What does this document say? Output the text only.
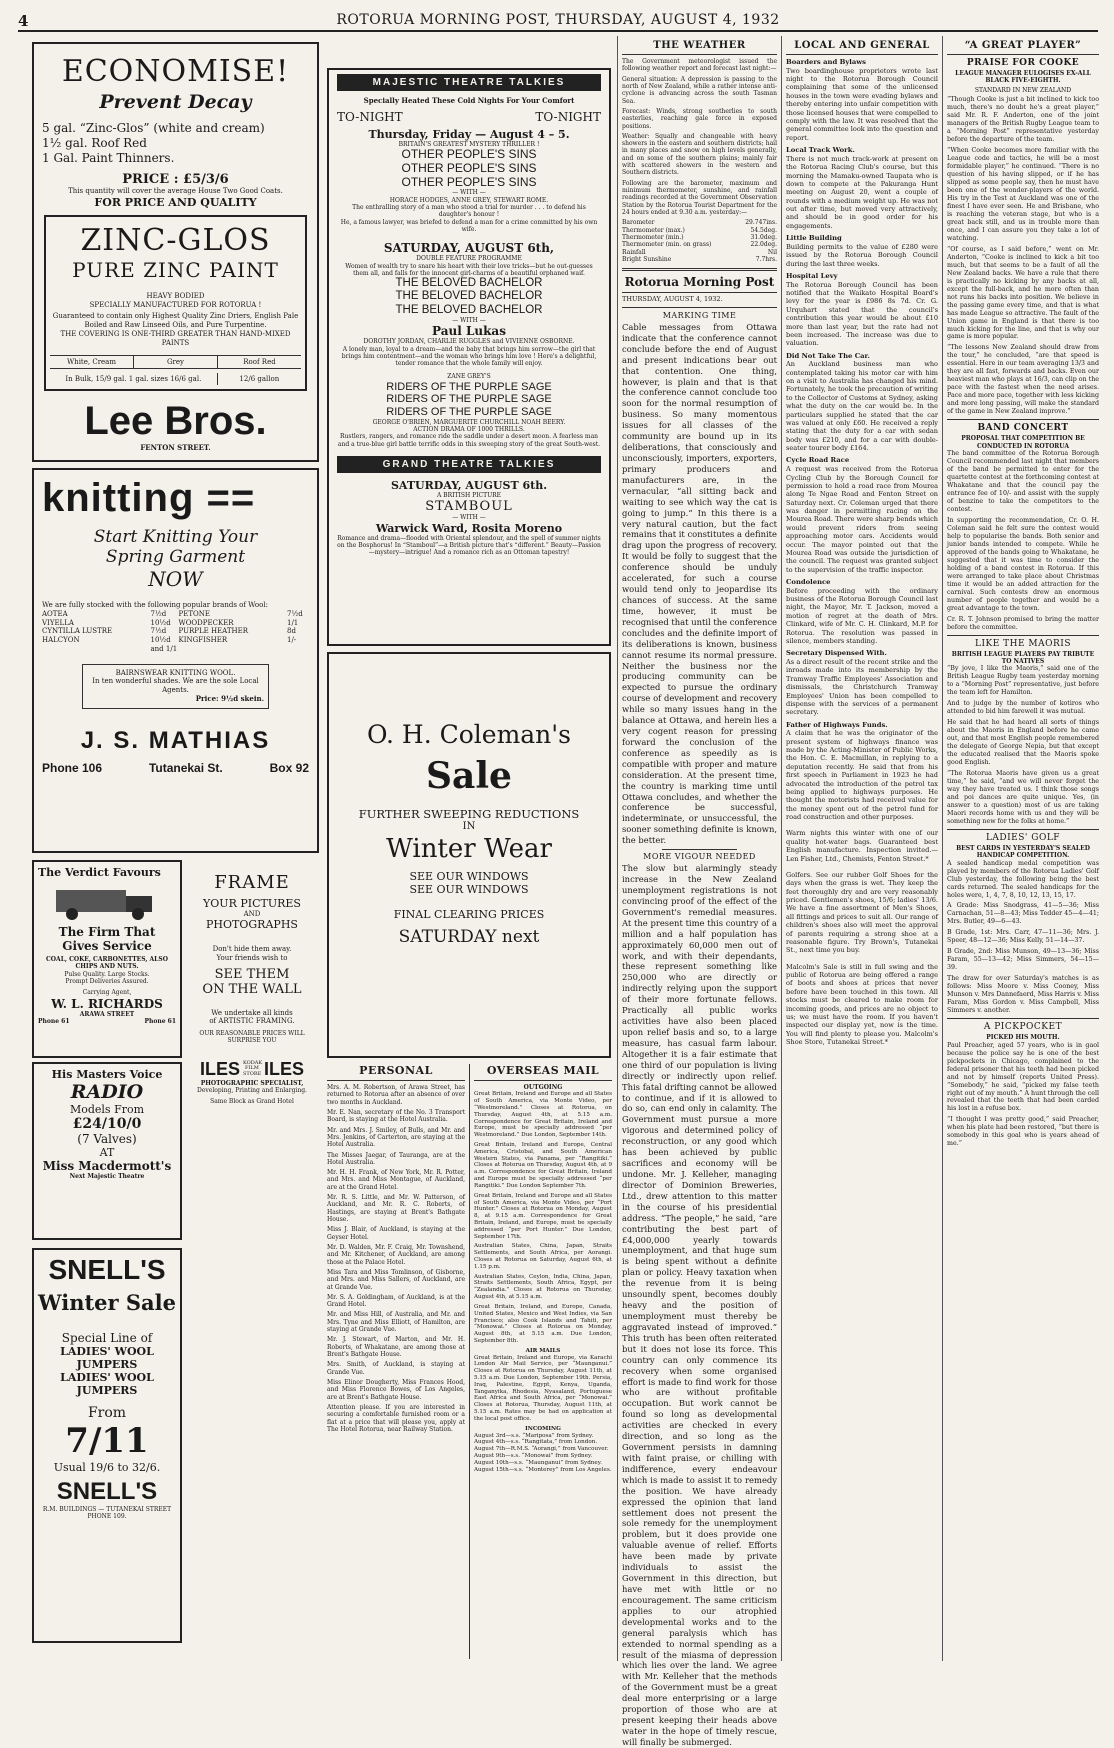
4	ROTORUA MORNING POST, THURSDAY, AUGUST 4, 1932
ECONOMISE!
Prevent Decay
5 gal. “Zinc-Glos” (white and cream)
1½ gal. Roof Red
1 Gal. Paint Thinners.
PRICE : £5/3/6
This quantity will cover the average House Two Good Coats.
FOR PRICE AND QUALITY
ZINC-GLOS
PURE ZINC PAINT
HEAVY BODIED
SPECIALLY MANUFACTURED FOR ROTORUA !
Guaranteed to contain only Highest Quality Zinc Driers, English Pale Boiled and Raw Linseed Oils, and Pure Turpentine.
THE COVERING IS ONE-THIRD GREATER THAN HAND-MIXED PAINTS
White, Cream	Grey	Roof Red
In Bulk, 15/9 gal. 1 gal. sizes 16/6 gal.	12/6 gallon
Lee Bros.
FENTON STREET.
knitting ==
Start Knitting Your
Spring Garment
NOW
We are fully stocked with the following popular brands of Wool:
AOTEA	7½d	PETONE	7½d
VIYELLA	10½d	WOODPECKER	1/1
CYNTILLA LUSTRE	7½d	PURPLE HEATHER	8d
HALCYON	10½d and 1/1
KINGFISHER	1/-
BAIRNSWEAR KNITTING WOOL.
In ten wonderful shades. We are the sole Local Agents.
Price: 9½d skein.
J. S. MATHIAS
Phone 106	Tutanekai St.	Box 92
The Verdict Favours
The Firm That
Gives Service
COAL, COKE, CARBONETTES, ALSO CHIPS AND NUTS.
Pulse Quality. Large Stocks.
Prompt Deliveries Assured.
Carrying Agent,
W. L. RICHARDS
ARAWA STREET
Phone 61	Phone 61
His Masters Voice
RADIO
Models From
£24/10/0
(7 Valves)
AT
Miss Macdermott's
Next Majestic Theatre
SNELL'S
Winter Sale
Special Line of
LADIES' WOOL JUMPERS
LADIES' WOOL JUMPERS
From
7/11
Usual 19/6 to 32/6.
SNELL'S
R.M. BUILDINGS — TUTANEKAI STREET
PHONE 109.
FRAME
YOUR PICTURES
AND
PHOTOGRAPHS
Don't hide them away.
Your friends wish to
SEE THEM
ON THE WALL
We undertake all kinds
of ARTISTIC FRAMING.
OUR REASONABLE PRICES WILL
SURPRISE YOU
ILES KODAK FILM STORE ILES
PHOTOGRAPHIC SPECIALIST,
Developing, Printing and Enlarging.
Same Block as Grand Hotel
MAJESTIC THEATRE TALKIES
Specially Heated These Cold Nights For Your Comfort
TO-NIGHT	TO-NIGHT
Thursday, Friday — August 4 – 5.
BRITAIN'S GREATEST MYSTERY THRILLER !
OTHER PEOPLE'S SINS
OTHER PEOPLE'S SINS
OTHER PEOPLE'S SINS
— WITH —
HORACE HODGES, ANNE GREY, STEWART ROME.
The enthralling story of a man who stood a trial for murder . . . to defend his daughter's honour !
He, a famous lawyer, was briefed to defend a man for a crime committed by his own wife.
SATURDAY, AUGUST 6th,
DOUBLE FEATURE PROGRAMME
Women of wealth try to snare his heart with their love tricks—but he out-guesses them all, and falls for the innocent girl-charms of a beautiful orphaned waif.
THE BELOVED BACHELOR
THE BELOVED BACHELOR
THE BELOVED BACHELOR
— WITH —
Paul Lukas
DOROTHY JORDAN, CHARLIE RUGGLES and VIVIENNE OSBORNE.
A lonely man, loyal to a dream—and the baby that brings him sorrow—the girl that brings him contentment—and the woman who brings him love ! Here's a delightful, tender romance that the whole family will enjoy.
ZANE GREY'S
RIDERS OF THE PURPLE SAGE
RIDERS OF THE PURPLE SAGE
RIDERS OF THE PURPLE SAGE
GEORGE O'BRIEN, MARGUERITE CHURCHILL NOAH BEERY.
ACTION DRAMA OF 1000 THRILLS.
Rustlers, rangers, and romance ride the saddle under a desert moon. A fearless man and a true-blue girl battle terrific odds in this sweeping story of the great South-west.
GRAND THEATRE TALKIES
SATURDAY, AUGUST 6th.
A BRITISH PICTURE
STAMBOUL
— WITH —
Warwick Ward, Rosita Moreno
Romance and drama—flooded with Oriental splendour, and the spell of summer nights on the Bosphorus! In “Stamboul”—a British picture that's “different.” Beauty—Passion—mystery—intrigue! And a romance rich as an Ottoman tapestry!
O. H. Coleman's
Sale
FURTHER SWEEPING REDUCTIONS
IN
Winter Wear
SEE OUR WINDOWS
SEE OUR WINDOWS
FINAL CLEARING PRICES
SATURDAY next
PERSONAL

Mrs. A. M. Robertson, of Arawa Street, has returned to Rotorua after an absence of over two months in Auckland.

Mr. E. Nan, secretary of the No. 3 Transport Board, is staying at the Hotel Australia.

Mr. and Mrs. J. Smiley, of Bulls, and Mr. and Mrs. Jenkins, of Carterton, are staying at the Hotel Australia.

The Misses Jaegar, of Tauranga, are at the Hotel Australia.

Mr. H. H. Frank, of New York, Mr. R. Potter, and Mrs. and Miss Montague, of Auckland, are at the Grand Hotel.

Mr. R. S. Little, and Mr. W. Patterson, of Auckland, and Mr. R. C. Roberts, of Hastings, are staying at Brent's Bathgate House.

Miss J. Blair, of Auckland, is staying at the Geyser Hotel.

Mr. D. Walden, Mr. F. Craig, Mr. Townshend, and Mr. Kitchener, of Auckland, are among those at the Palace Hotel.

Miss Tara and Miss Tomlinson, of Gisborne, and Mrs. and Miss Sallers, of Auckland, are at Grande Vue.

Mr. S. A. Goldingham, of Auckland, is at the Grand Hotel.

Mr. and Miss Hill, of Australia, and Mr. and Mrs. Tyne and Miss Elliott, of Hamilton, are staying at Grande Vue.

Mr. J. Stewart, of Marton, and Mr. H. Roberts, of Whakatane, are among those at Brent's Bathgate House.

Mrs. Smith, of Auckland, is staying at Grande Vue.

Miss Elinor Dougherty, Miss Frances Hood, and Miss Florence Bowes, of Los Angeles, are at Brent's Bathgate House.

Attention please. If you are interested in securing a comfortable furnished room or a flat at a price that will please you, apply at The Hotel Rotorua, near Railway Station.

OVERSEAS MAIL
OUTGOING

Great Britain, Ireland and Europe and all States of South America, via Monte Video, per “Westmoreland.” Closes at Rotorua, on Thursday, August 4th, at 5.15 a.m. Correspondence for Great Britain, Ireland and Europe, must be specially addressed “per Westmoreland.” Due London, September 14th.

Great Britain, Ireland and Europe, Central America, Cristobal, and South American Western States, via Panama, per “Rangitiki.” Closes at Rotorua on Thursday, August 4th, at 9 a.m. Correspondence for Great Britain, Ireland and Europe must be specially addressed “per Rangitiki.” Due London September 7th.

Great Britain, Ireland and Europe and all States of South America, via Monte Video, per “Port Hunter.” Closes at Rotorua on Monday, August 8, at 9.15 a.m. Correspondence for Great Britain, Ireland, and Europe, must be specially addressed “per Port Hunter.” Due London, September 17th.

Australian States, China, Japan, Straits Settlements, and South Africa, per Aorangi. Closes at Rotorua on Saturday, August 6th, at 1.15 p.m.

Australian States, Ceylon, India, China, Japan, Straits Settlements, South Africa, Egypt, per “Zealandia.” Closes at Rotorua on Thursday, August 4th, at 5.15 a.m.

Great Britain, Ireland, and Europe, Canada, United States, Mexico and West Indies, via San Francisco; also Cook Islands and Tahiti, per “Monowai.” Closes at Rotorua on Monday, August 8th, at 5.15 a.m. Due London, September 8th.

AIR MAILS

Great Britain, Ireland and Europe, via Karachi London Air Mail Service, per “Maunganui.” Closes at Rotorua on Thursday, August 11th, at 5.15 a.m. Due London, September 19th. Persia, Iraq, Palestine, Egypt, Kenya, Uganda, Tanganyika, Rhodesia, Nyasaland, Portuguese East Africa and South Africa, per “Monowai.” Closes at Rotorua, Thursday, August 11th, at 5.15 a.m. Rates may be had on application at the local post office.

INCOMING
August 3rd—s.s. “Mariposa” from Sydney.
August 4th—s.s. “Rangitata,” from London.
August 7th—R.M.S. “Aorangi,” from Vancouver.
August 9th—s.s. “Monowai” from Sydney.
August 10th—s.s. “Maunganui” from Sydney.
August 15th—s.s. “Monterey” from Los Angeles.
THE WEATHER

The Government meteorologist issued the following weather report and forecast last night:—

General situation: A depression is passing to the north of New Zealand, while a rather intense anti-cyclone is advancing across the south Tasman Sea.

Forecast: Winds, strong southerlies to south easterlies, reaching gale force in exposed positions.

Weather: Squally and changeable with heavy showers in the eastern and southern districts; hail in many places and snow on high levels generally, and on some of the southern plains; mainly fair with scattered showers in the western and Southern districts.

Following are the barometer, maximum and minimum thermometer, sunshine, and rainfall readings recorded at the Government Observation Station by the Rotorua Tourist Department for the 24 hours ended at 9.30 a.m. yesterday:—

Barometer	29.747ins.
Thermometer (max.)	54.5deg.
Thermometer (min.)	31.0deg.
Thermometer (min. on grass)	22.0deg.
Rainfall	Nil
Bright Sunshine	7.7hrs.
Rotorua Morning Post
THURSDAY, AUGUST 4, 1932.
MARKING TIME

Cable messages from Ottawa indicate that the conference cannot conclude before the end of August and present indications bear out that contention. One thing, however, is plain and that is that the conference cannot conclude too soon for the normal resumption of business. So many momentous issues for all classes of the community are bound up in its deliberations, that consciously and unconsciously, importers, exporters, primary producers and manufacturers are, in the vernacular, “all sitting back and waiting to see which way the cat is going to jump.” In this there is a very natural caution, but the fact remains that it constitutes a definite drag upon the progress of recovery. It would be folly to suggest that the conference should be unduly accelerated, for such a course would tend only to jeopardise its chances of success. At the same time, however, it must be recognised that until the conference concludes and the definite import of its deliberations is known, business cannot resume its normal pressure. Neither the business nor the producing community can be expected to pursue the ordinary course of development and recovery while so many issues hang in the balance at Ottawa, and herein lies a very cogent reason for pressing forward the conclusion of the conference as speedily as is compatible with proper and mature consideration. At the present time, the country is marking time until Ottawa concludes, and whether the conference be successful, indeterminate, or unsuccessful, the sooner something definite is known, the better.

MORE VIGOUR NEEDED

The slow but alarmingly steady increase in the New Zealand unemployment registrations is not convincing proof of the effect of the Government's remedial measures. At the present time this country of a million and a half population has approximately 60,000 men out of work, and with their dependants, these represent something like 250,000 who are directly or indirectly relying upon the support of their more fortunate fellows. Practically all public works activities have also been placed upon relief basis and so, to a large measure, has casual farm labour. Altogether it is a fair estimate that one third of our population is living directly or indirectly upon relief. This fatal drifting cannot be allowed to continue, and if it is allowed to do so, can end only in calamity. The Government must pursue a more vigorous and determined policy of reconstruction, or any good which has been achieved by public sacrifices and economy will be undone. Mr. J. Kelleher, managing director of Dominion Breweries, Ltd., drew attention to this matter in the course of his presidential address. “The people,” he said, “are contributing the best part of £4,000,000 yearly towards unemployment, and that huge sum is being spent without a definite plan or policy. Heavy taxation when the revenue from it is being unsoundly spent, becomes doubly heavy and the position of unemployment must thereby be aggravated instead of improved.” This truth has been often reiterated but it does not lose its force. This country can only commence its recovery when some organised effort is made to find work for those who are without profitable occupation. But work cannot be found so long as developmental activities are checked in every direction, and so long as the Government persists in damning with faint praise, or chilling with indifference, every endeavour which is made to assist it to remedy the position. We have already expressed the opinion that land settlement does not present the sole remedy for the unemployment problem, but it does provide one valuable avenue of relief. Efforts have been made by private individuals to assist the Government in this direction, but have met with little or no encouragement. The same criticism applies to our atrophied developmental works and to the general paralysis which has extended to normal spending as a result of the miasma of depression which lies over the land. We agree with Mr. Kelleher that the methods of the Government must be a great deal more enterprising or a large proportion of those who are at present keeping their heads above water in the hope of timely rescue, will finally be submerged.

LOCAL AND GENERAL
Boarders and Bylaws

Two boardinghouse proprietors wrote last night to the Rotorua Borough Council complaining that some of the unlicensed houses in the town were evading bylaws and thereby entering into unfair competition with those licensed houses that were compelled to comply with the law. It was resolved that the general committee look into the question and report.

Local Track Work.

There is not much track-work at present on the Rotorua Racing Club's course, but this morning the Mamaku-owned Taupata who is down to compete at the Pakuranga Hunt meeting on August 20, went a couple of rounds with a medium weight up. He was not out after time, but moved very attractively, and should be in good order for his engagements.

Little Building

Building permits to the value of £280 were issued by the Rotorua Borough Council during the last three weeks.

Hospital Levy

The Rotorua Borough Council has been notified that the Waikato Hospital Board's levy for the year is £986 8s 7d. Cr. G. Urquhart stated that the council's contribution this year would be about £10 more than last year, but the rate had not been increased. The increase was due to valuation.

Did Not Take The Car.

An Auckland business man who contemplated taking his motor car with him on a visit to Australia has changed his mind. Fortunately, he took the precaution of writing to the Collector of Customs at Sydney, asking what the duty on the car would be. In the particulars supplied he stated that the car was valued at only £60. He received a reply stating that the duty for a car with sedan body was £210, and for a car with double-seater tourer body £164.

Cycle Road Race

A request was received from the Rotorua Cycling Club by the Borough Council for permission to hold a road race from Mourea along Te Ngae Road and Fenton Street on Saturday next. Cr. Coleman urged that there was danger in permitting racing on the Mourea Road. There were sharp bends which would prevent riders from seeing approaching motor cars. Accidents would occur. The mayor pointed out that the Mourea Road was outside the jurisdiction of the council. The request was granted subject to the supervision of the traffic inspector.

Condolence

Before proceeding with the ordinary business of the Rotorua Borough Council last night, the Mayor, Mr. T. Jackson, moved a motion of regret at the death of Mrs. Clinkard, wife of Mr. C. H. Clinkard, M.P. for Rotorua. The resolution was passed in silence, members standing.

Secretary Dispensed With.

As a direct result of the recent strike and the inroads made into its membership by the Tramway Traffic Employees' Association and dismissals, the Christchurch Tramway Employees' Union has been compelled to dispense with the services of a permanent secretary.

Father of Highways Funds.

A claim that he was the originator of the present system of highways finance was made by the Acting-Minister of Public Works, the Hon. C. E. Macmillan, in replying to a deputation recently. He said that from his first speech in Parliament in 1923 he had advocated the introduction of the petrol tax being applied to highways purposes. He thought the motorists had received value for the money spent out of the petrol fund for road construction and other purposes.

Warm nights this winter with one of our quality hot-water bags. Guaranteed best English manufacture. Inspection invited.—Len Fisher, Ltd., Chemists, Fenton Street.*

Golfers. See our rubber Golf Shoes for the days when the grass is wet. They keep the feet thoroughly dry and are very reasonably priced. Gentlemen's shoes, 15/6; ladies' 13/6. We have a fine assortment of Men's Shoes, all fittings and prices to suit all. Our range of children's shoes also will meet the approval of parents requiring a strong shoe at a reasonable figure. Try Brown's, Tutanekai St., next time you buy.

Malcolm's Sale is still in full swing and the public of Rotorua are being offered a range of boots and shoes at prices that never before have been touched in this town. All stocks must be cleared to make room for incoming goods, and prices are no object to us; we must have the room. If you haven't inspected our display yet, now is the time. You will find plenty to please you. Malcolm's Shoe Store, Tutanekai Street.*

“A GREAT PLAYER”
PRAISE FOR COOKE
LEAGUE MANAGER EULOGISES EX-ALL BLACK FIVE-EIGHTH.
STANDARD IN NEW ZEALAND

“Though Cooke is just a bit inclined to kick too much, there's no doubt he's a great player,” said Mr. R. F. Anderton, one of the joint managers of the British Rugby League team to a “Morning Post” representative yesterday before the departure of the team.

“When Cooke becomes more familiar with the League code and tactics, he will be a most formidable player,” he continued. “There is no question of his having slipped, or if he has slipped as some people say, then he must have been one of the wonder-players of the world. His try in the Test at Auckland was one of the finest I have ever seen. He and Brisbane, who is reaching the veteran stage, but who is a great back still, and us in trouble more than once, and I can assure you they take a lot of watching.

“Of course, as I said before,” went on Mr. Anderton, “Cooke is inclined to kick a bit too much, but that seems to be a fault of all the New Zealand backs. We have a rule that there is practically no kicking by any backs at all, except the full-back, and he more often than not runs his backs into position. We believe in the passing game every time, and that is what has made League so attractive. The fault of the Union game in England is that there is too much kicking for the line, and that is why our game is more popular.

“The lessons New Zealand should draw from the tour,” he concluded, “are that speed is essential. Here in our team averaging 13/3 and they are all fast, forwards and backs. Even our heaviest man who plays at 16/3, can clip on the pace with the fastest when the need arises. Pace and more pace, together with less kicking and more long passing, will make the standard of the game in New Zealand improve.”

BAND CONCERT
PROPOSAL THAT COMPETITION BE CONDUCTED IN ROTORUA

The band committee of the Rotorua Borough Council recommended last night that members of the band be permitted to enter for the quartette contest at the forthcoming contest at Whakatane and that the council pay the entrance fee of 10/- and assist with the supply of benzine to take the competitors to the contest.

In supporting the recommendation, Cr. O. H. Coleman said he felt sure the contest would help to popularise the bands. Both senior and junior bands intended to compete. While he approved of the bands going to Whakatane, he suggested that it was time to consider the holding of a band contest in Rotorua. If this were arranged to take place about Christmas time it would be an added attraction for the carnival. Such contests drew an enormous number of people together and would be a great advantage to the town.

Cr. R. T. Johnson promised to bring the matter before the committee.

LIKE THE MAORIS
BRITISH LEAGUE PLAYERS PAY TRIBUTE TO NATIVES

“By jove, I like the Maoris,” said one of the British League Rugby team yesterday morning to a “Morning Post” representative, just before the team left for Hamilton.

And to judge by the number of kotiros who attended to bid him farewell it was mutual.

He said that he had heard all sorts of things about the Maoris in England before he came out, and that most English people remembered the delegate of George Nepia, but that except the educated realised that the Maoris spoke good English.

“The Rotorua Maoris have given us a great time,” he said, “and we will never forget the way they have treated us. I think those songs and poi dances are quite unique. Yes, (in answer to a question) most of us are taking Maori records home with us and they will be something new for the folks at home.”

LADIES' GOLF
BEST CARDS IN YESTERDAY'S SEALED HANDICAP COMPETITION.

A sealed handicap medal competition was played by members of the Rotorua Ladies' Golf Club yesterday, the following being the best cards returned. The sealed handicaps for the holes were, 1, 4, 7, 8, 10, 12, 13, 15, 17.

A Grade: Miss Snodgrass, 41—5—36; Miss Carnachan, 51—8—43; Miss Tedder 45—4—41; Mrs. Butler, 49—6—43.

B Grade, 1st: Mrs. Carr, 47—11—36; Mrs. J. Speer, 48—12—36; Miss Kelly, 51—14—37.

B Grade, 2nd: Miss Munson, 49—13—36; Miss Faram, 55—13—42; Miss Simmers, 54—15—39.

The draw for over Saturday's matches is as follows: Miss Moore v. Miss Cooney, Miss Munson v. Mrs Dannefaerd, Miss Harris v. Miss Faram, Miss Gordon v. Miss Campbell, Miss Simmers v. another.

A PICKPOCKET
PICKED HIS MOUTH.

Paul Preacher, aged 57 years, who is in gaol because the police say he is one of the best pickpockets in Chicago, complained to the federal prisoner that his teeth had been picked and not by himself (reports United Press). “Somebody,” he said, “picked my false teeth right out of my mouth.” A hunt through the cell revealed that the teeth that had been carded his lost in a refuse box.

“I thought I was pretty good,” said Preacher, when his plate had been restored, “but there is somebody in this goal who is years ahead of me.”
